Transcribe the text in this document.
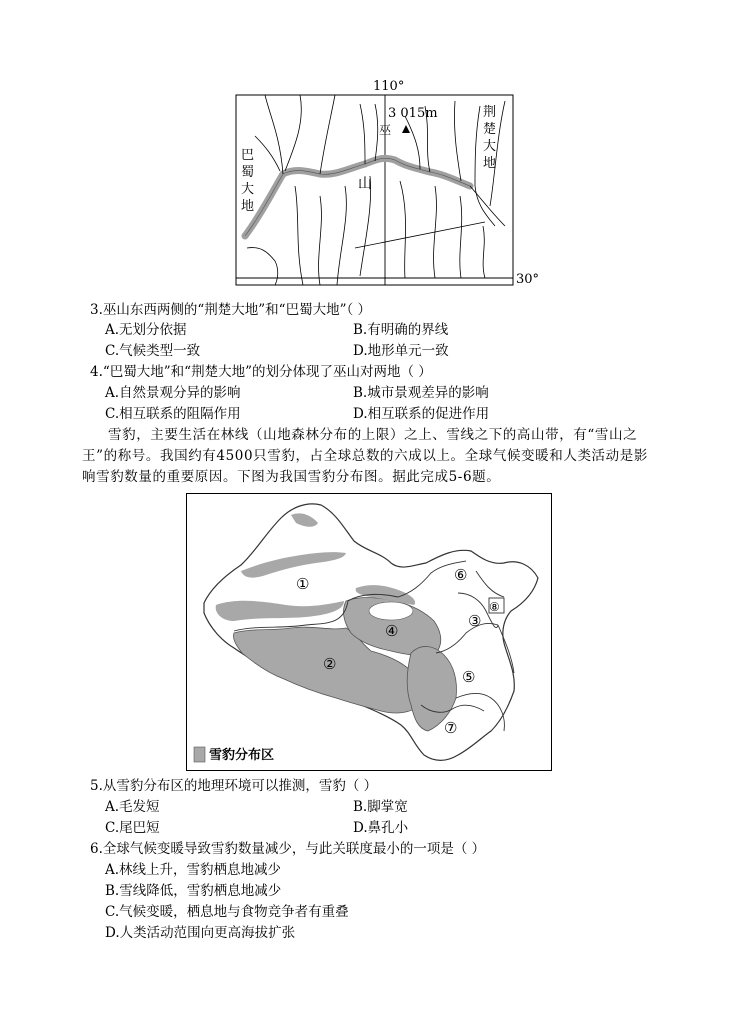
110°
30°
3 015m
巫
山
荆 楚 大 地
巴 蜀 大 地
3.巫山东西两侧的“荆楚大地”和“巴蜀大地”（ ）
A.无划分依据	B.有明确的界线
C.气候类型一致	D.地形单元一致
4.“巴蜀大地”和“荆楚大地”的划分体现了巫山对两地（ ）
A.自然景观分异的影响	B.城市景观差异的影响
C.相互联系的阻隔作用	D.相互联系的促进作用
雪豹，主要生活在林线（山地森林分布的上限）之上、雪线之下的高山带，有“雪山之王”的称号。我国约有4500只雪豹，占全球总数的六成以上。全球气候变暖和人类活动是影响雪豹数量的重要原因。下图为我国雪豹分布图。据此完成5-6题。
①
②
③
④
⑤
⑥
⑦
⑧
雪豹分布区
5.从雪豹分布区的地理环境可以推测，雪豹（ ）
A.毛发短	B.脚掌宽
C.尾巴短	D.鼻孔小
6.全球气候变暖导致雪豹数量减少，与此关联度最小的一项是（ ）
A.林线上升，雪豹栖息地减少
B.雪线降低，雪豹栖息地减少
C.气候变暖，栖息地与食物竞争者有重叠
D.人类活动范围向更高海拔扩张
